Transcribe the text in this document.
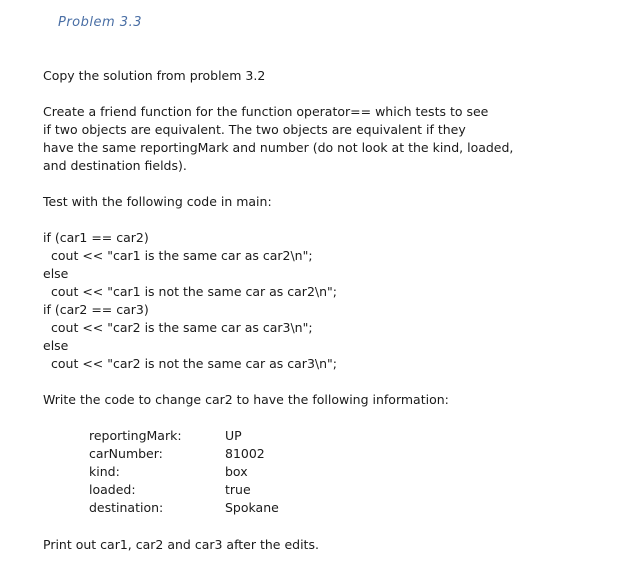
Problem 3.3
Copy the solution from problem 3.2
Create a friend function for the function operator== which tests to see
if two objects are equivalent. The two objects are equivalent if they
have the same reportingMark and number (do not look at the kind, loaded,
and destination fields).
Test with the following code in main:
if (car1 == car2)
cout << "car1 is the same car as car2\n";
else
cout << "car1 is not the same car as car2\n";
if (car2 == car3)
cout << "car2 is the same car as car3\n";
else
cout << "car2 is not the same car as car3\n";
Write the code to change car2 to have the following information:
reportingMark:	UP
carNumber:	81002
kind:	box
loaded:	true
destination:	Spokane
Print out car1, car2 and car3 after the edits.
